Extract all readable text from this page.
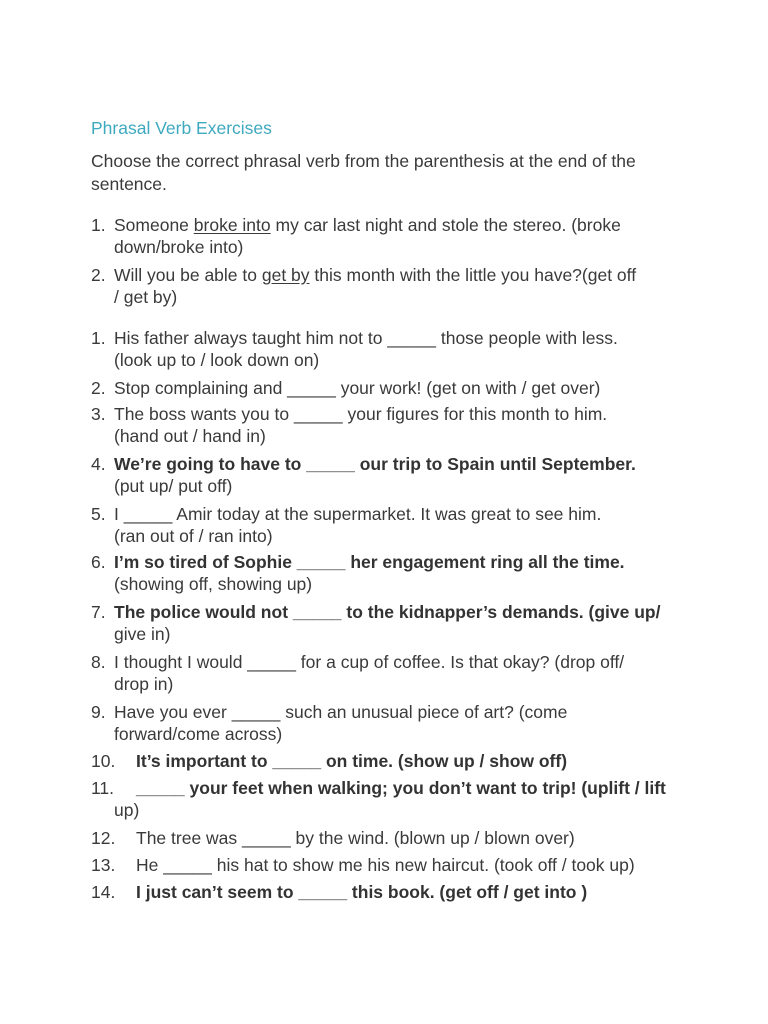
Phrasal Verb Exercises
Choose the correct phrasal verb from the parenthesis at the end of the
sentence.
1. Someone broke into my car last night and stole the stereo. (broke
down/broke into)
2. Will you be able to get by this month with the little you have?(get off
/ get by)
1. His father always taught him not to _____ those people with less.
(look up to / look down on)
2. Stop complaining and _____ your work! (get on with / get over)
3. The boss wants you to _____ your figures for this month to him.
(hand out / hand in)
4. We’re going to have to _____ our trip to Spain until September.
(put up/ put off)
5. I _____ Amir today at the supermarket. It was great to see him.
(ran out of / ran into)
6. I’m so tired of Sophie _____ her engagement ring all the time.
(showing off, showing up)
7. The police would not _____ to the kidnapper’s demands. (give up/
give in)
8. I thought I would _____ for a cup of coffee. Is that okay? (drop off/
drop in)
9. Have you ever _____ such an unusual piece of art? (come
forward/come across)
10. It’s important to _____ on time. (show up / show off)
11. _____ your feet when walking; you don’t want to trip! (uplift / lift
up)
12. The tree was _____ by the wind. (blown up / blown over)
13. He _____ his hat to show me his new haircut. (took off / took up)
14. I just can’t seem to _____ this book. (get off / get into )
